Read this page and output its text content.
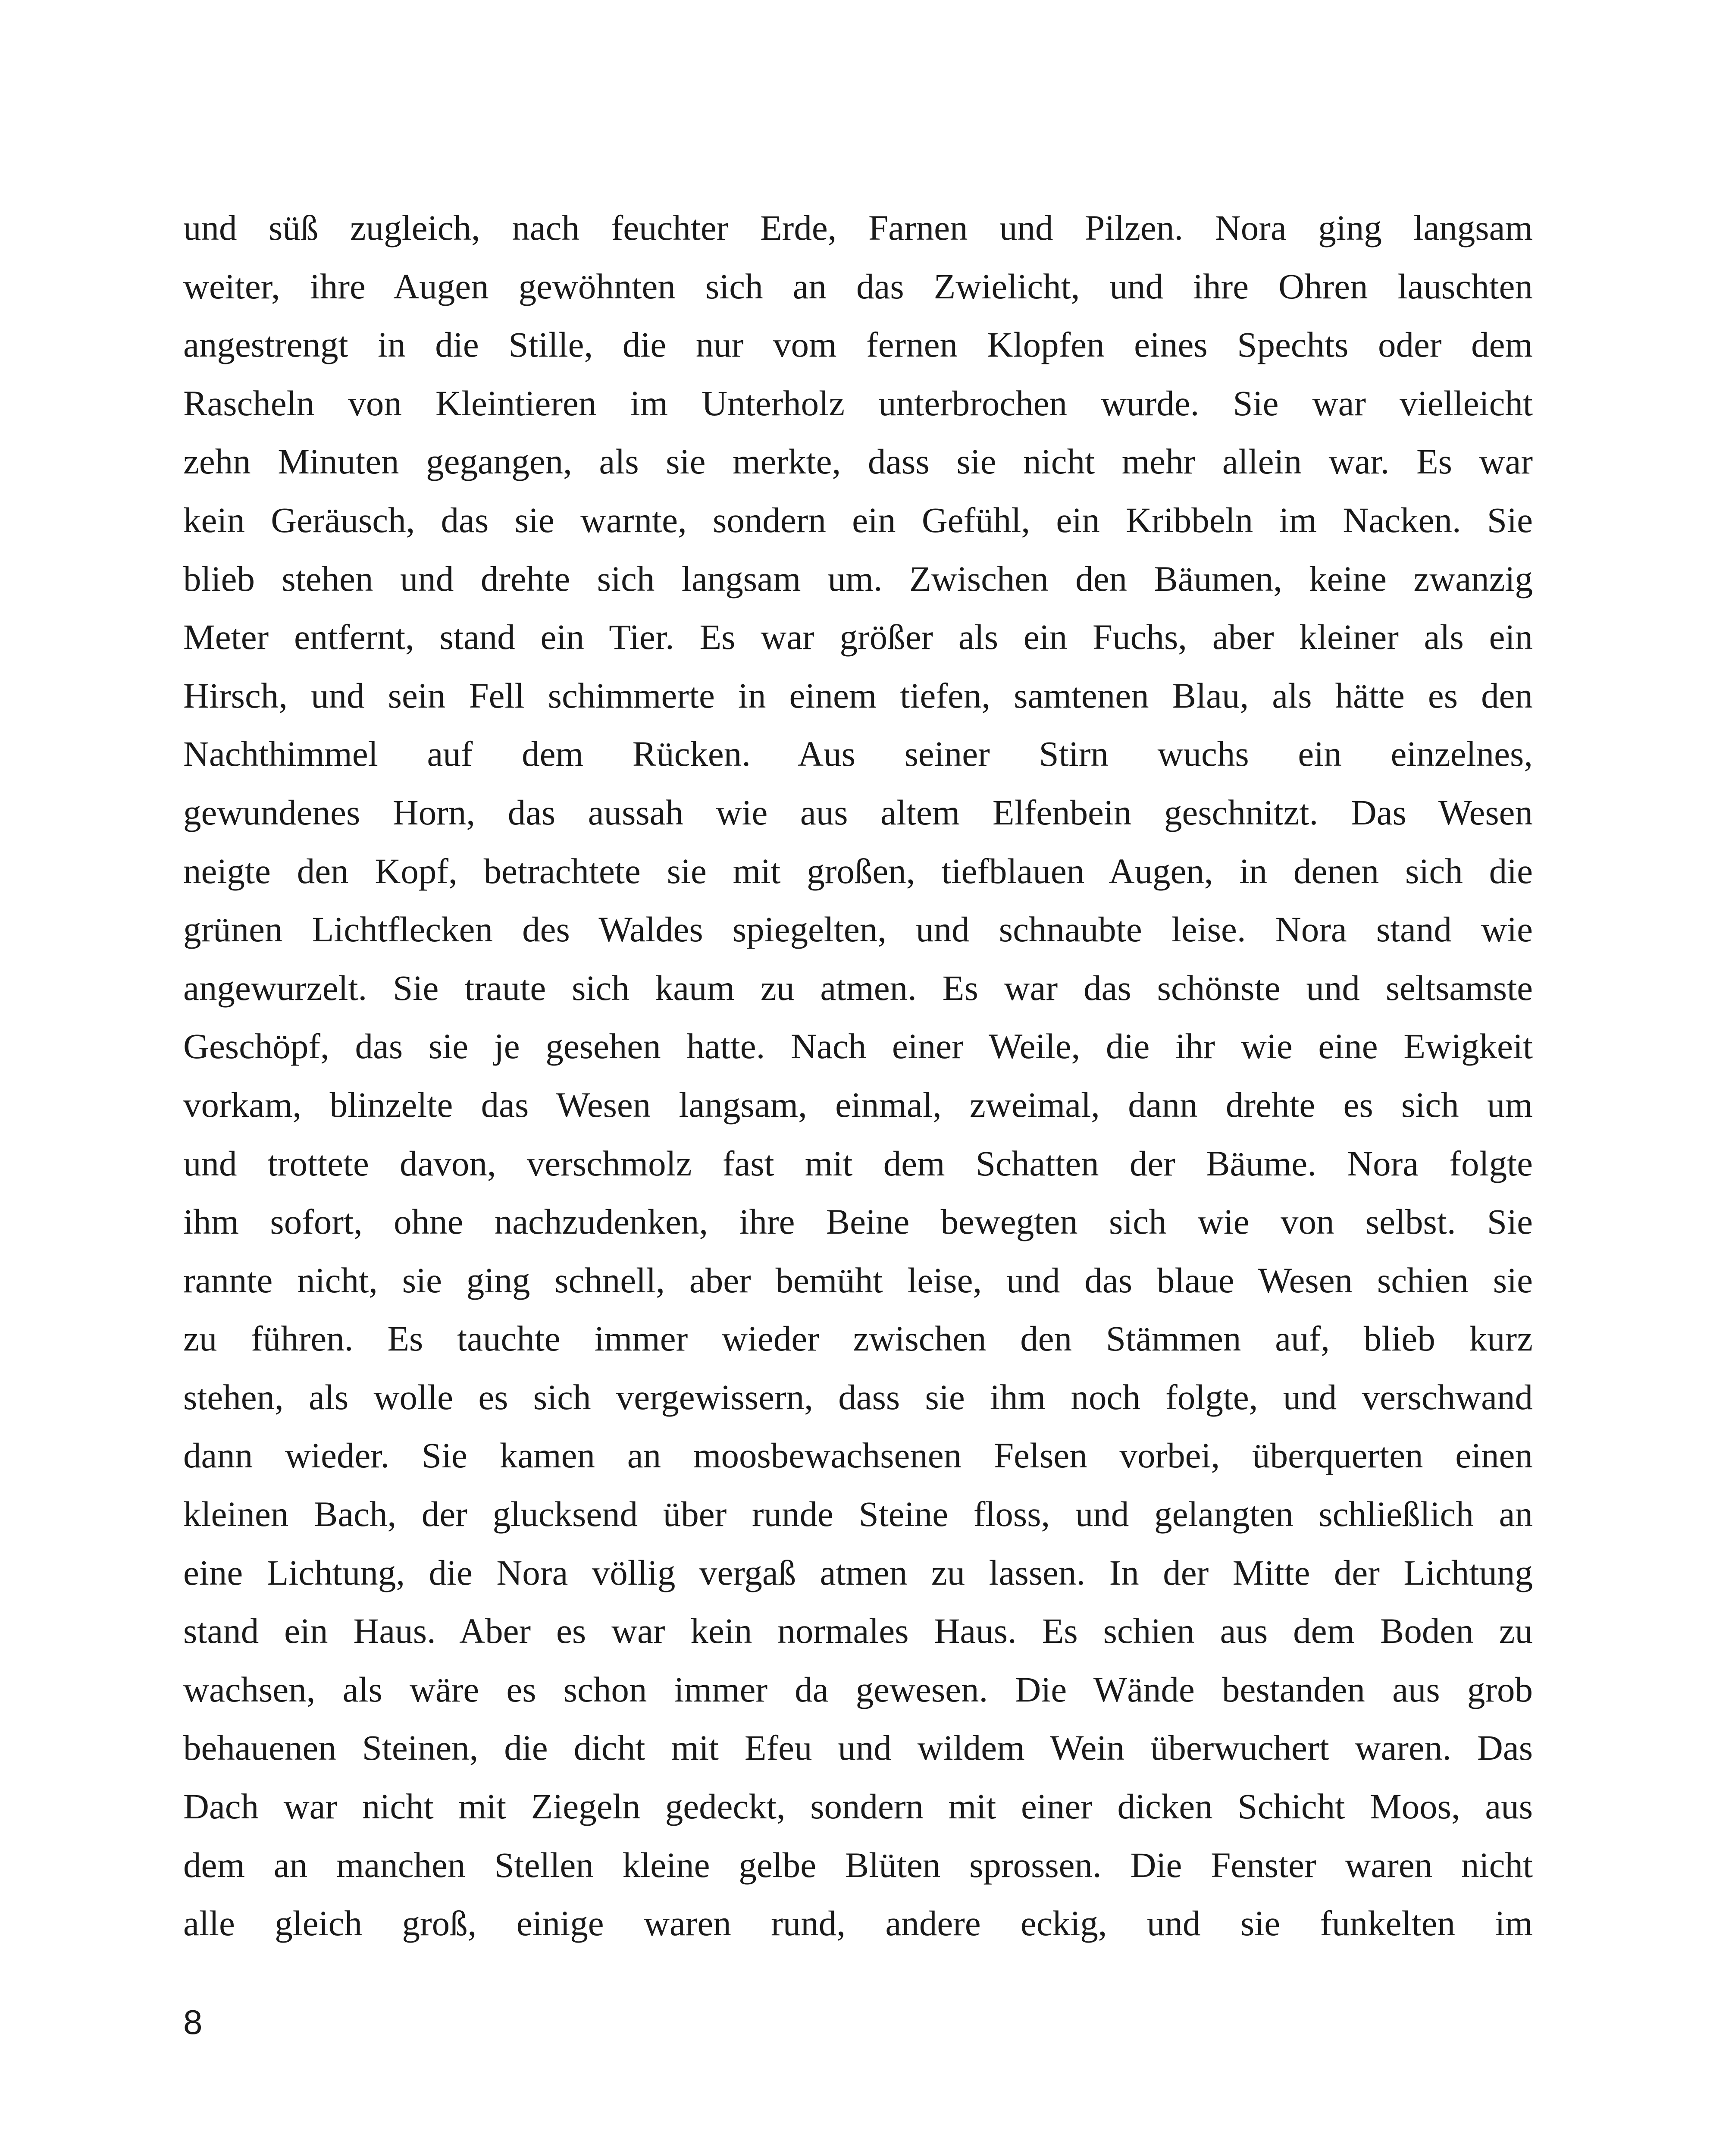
und süß zugleich, nach feuchter Erde, Farnen und Pilzen. Nora ging langsam
weiter, ihre Augen gewöhnten sich an das Zwielicht, und ihre Ohren lauschten
angestrengt in die Stille, die nur vom fernen Klopfen eines Spechts oder dem
Rascheln von Kleintieren im Unterholz unterbrochen wurde. Sie war vielleicht
zehn Minuten gegangen, als sie merkte, dass sie nicht mehr allein war. Es war
kein Geräusch, das sie warnte, sondern ein Gefühl, ein Kribbeln im Nacken. Sie
blieb stehen und drehte sich langsam um. Zwischen den Bäumen, keine zwanzig
Meter entfernt, stand ein Tier. Es war größer als ein Fuchs, aber kleiner als ein
Hirsch, und sein Fell schimmerte in einem tiefen, samtenen Blau, als hätte es den
Nachthimmel auf dem Rücken. Aus seiner Stirn wuchs ein einzelnes,
gewundenes Horn, das aussah wie aus altem Elfenbein geschnitzt. Das Wesen
neigte den Kopf, betrachtete sie mit großen, tiefblauen Augen, in denen sich die
grünen Lichtflecken des Waldes spiegelten, und schnaubte leise. Nora stand wie
angewurzelt. Sie traute sich kaum zu atmen. Es war das schönste und seltsamste
Geschöpf, das sie je gesehen hatte. Nach einer Weile, die ihr wie eine Ewigkeit
vorkam, blinzelte das Wesen langsam, einmal, zweimal, dann drehte es sich um
und trottete davon, verschmolz fast mit dem Schatten der Bäume. Nora folgte
ihm sofort, ohne nachzudenken, ihre Beine bewegten sich wie von selbst. Sie
rannte nicht, sie ging schnell, aber bemüht leise, und das blaue Wesen schien sie
zu führen. Es tauchte immer wieder zwischen den Stämmen auf, blieb kurz
stehen, als wolle es sich vergewissern, dass sie ihm noch folgte, und verschwand
dann wieder. Sie kamen an moosbewachsenen Felsen vorbei, überquerten einen
kleinen Bach, der glucksend über runde Steine floss, und gelangten schließlich an
eine Lichtung, die Nora völlig vergaß atmen zu lassen. In der Mitte der Lichtung
stand ein Haus. Aber es war kein normales Haus. Es schien aus dem Boden zu
wachsen, als wäre es schon immer da gewesen. Die Wände bestanden aus grob
behauenen Steinen, die dicht mit Efeu und wildem Wein überwuchert waren. Das
Dach war nicht mit Ziegeln gedeckt, sondern mit einer dicken Schicht Moos, aus
dem an manchen Stellen kleine gelbe Blüten sprossen. Die Fenster waren nicht
alle gleich groß, einige waren rund, andere eckig, und sie funkelten im
8
